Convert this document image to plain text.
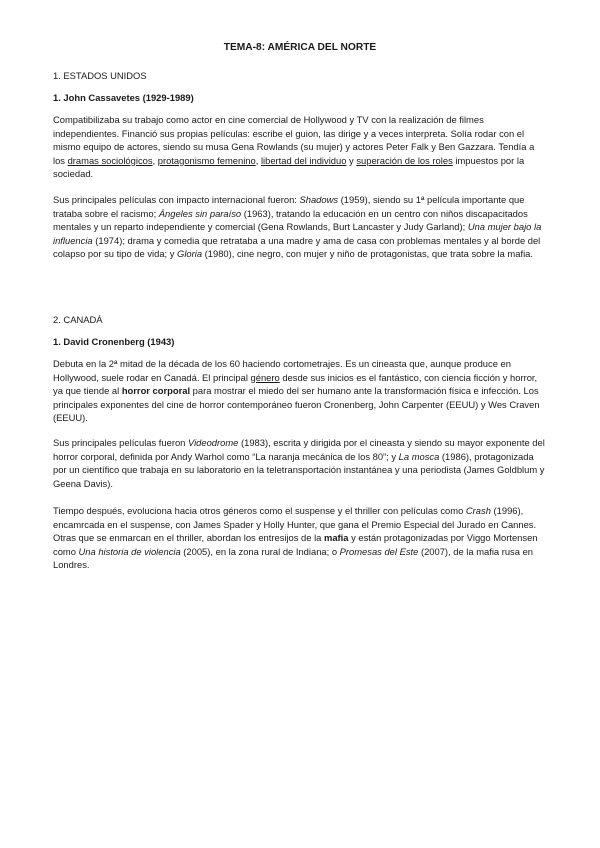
TEMA-8: AMÉRICA DEL NORTE
1. ESTADOS UNIDOS
1. John Cassavetes (1929-1989)

Compatibilizaba su trabajo como actor en cine comercial de Hollywood y TV con la realización de filmes independientes. Financió sus propias películas: escribe el guion, las dirige y a veces interpreta. Solía rodar con el mismo equipo de actores, siendo su musa Gena Rowlands (su mujer) y actores Peter Falk y Ben Gazzara. Tendía a los dramas sociológicos, protagonismo femenino, libertad del individuo y superación de los roles impuestos por la sociedad.

Sus principales películas con impacto internacional fueron: Shadows (1959), siendo su 1ª película importante que trataba sobre el racismo; Ángeles sin paraíso (1963), tratando la educación en un centro con niños discapacitados mentales y un reparto independiente y comercial (Gena Rowlands, Burt Lancaster y Judy Garland); Una mujer bajo la influencia (1974); drama y comedia que retrataba a una madre y ama de casa con problemas mentales y al borde del colapso por su tipo de vida; y Gloria (1980), cine negro, con mujer y niño de protagonistas, que trata sobre la mafia.

2. CANADÁ
1. David Cronenberg (1943)

Debuta en la 2ª mitad de la década de los 60 haciendo cortometrajes. Es un cineasta que, aunque produce en Hollywood, suele rodar en Canadá. El principal género desde sus inicios es el fantástico, con ciencia ficción y horror, ya que tiende al horror corporal para mostrar el miedo del ser humano ante la transformación física e infección. Los principales exponentes del cine de horror contemporáneo fueron Cronenberg, John Carpenter (EEUU) y Wes Craven (EEUU).

Sus principales películas fueron Videodrome (1983), escrita y dirigida por el cineasta y siendo su mayor exponente del horror corporal, definida por Andy Warhol como “La naranja mecánica de los 80”; y La mosca (1986), protagonizada por un científico que trabaja en su laboratorio en la teletransportación instantánea y una periodista (James Goldblum y Geena Davis).

Tiempo después, evoluciona hacia otros géneros como el suspense y el thriller con películas como Crash (1996), encamrcada en el suspense, con James Spader y Holly Hunter, que gana el Premio Especial del Jurado en Cannes. Otras que se enmarcan en el thriller, abordan los entresijos de la mafia y están protagonizadas por Viggo Mortensen como Una historia de violencia (2005), en la zona rural de Indiana; o Promesas del Este (2007), de la mafia rusa en Londres.
